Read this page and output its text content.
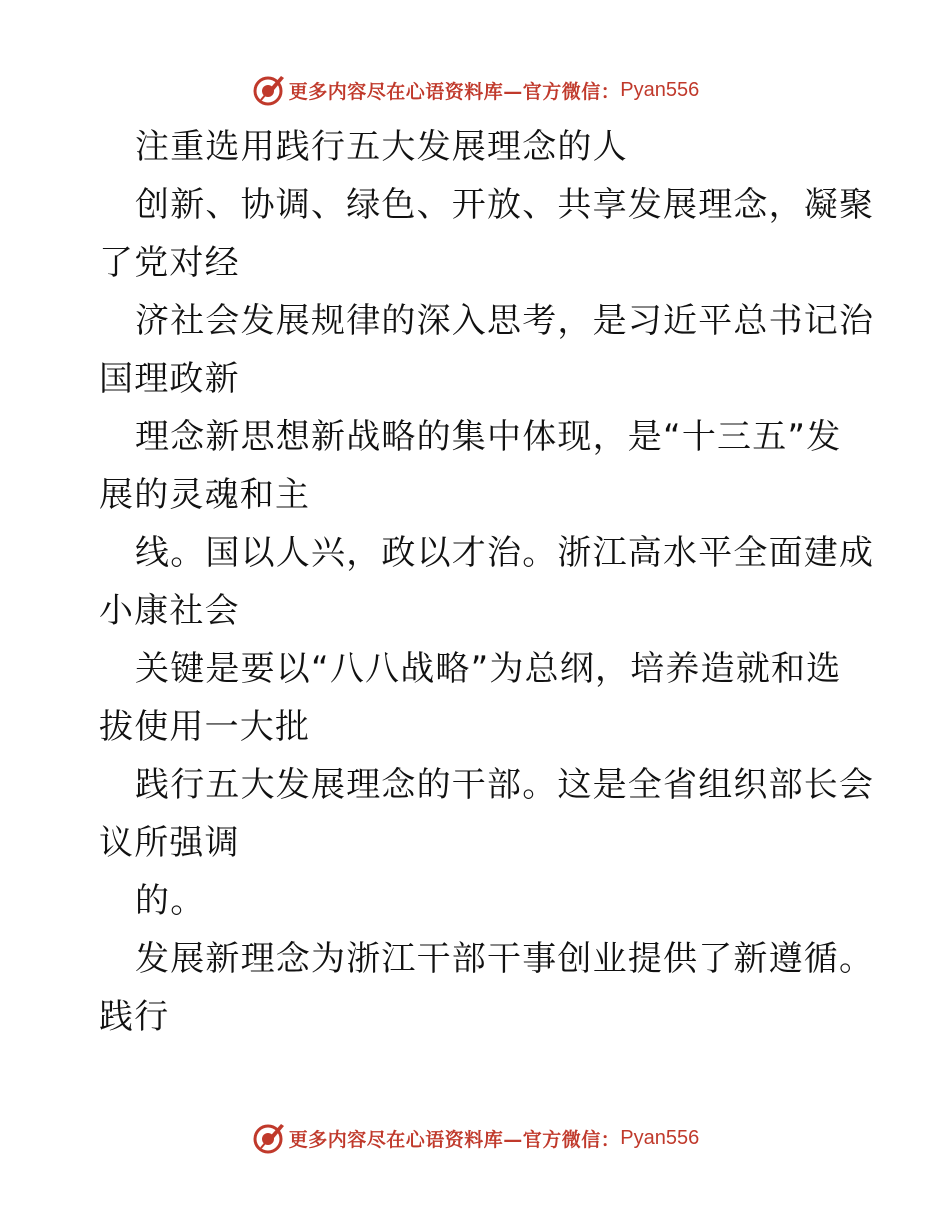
更多内容尽在心语资料库—官方微信： Pyan556
注重选用践行五大发展理念的人
创新、协调、绿色、开放、共享发展理念，凝聚
了党对经
济社会发展规律的深入思考，是习近平总书记治
国理政新
理念新思想新战略的集中体现，是“十三五”发
展的灵魂和主
线。国以人兴，政以才治。浙江高水平全面建成
小康社会
关键是要以“八八战略”为总纲，培养造就和选
拔使用一大批
践行五大发展理念的干部。这是全省组织部长会
议所强调
的。
发展新理念为浙江干部干事创业提供了新遵循。
践行
更多内容尽在心语资料库—官方微信： Pyan556
